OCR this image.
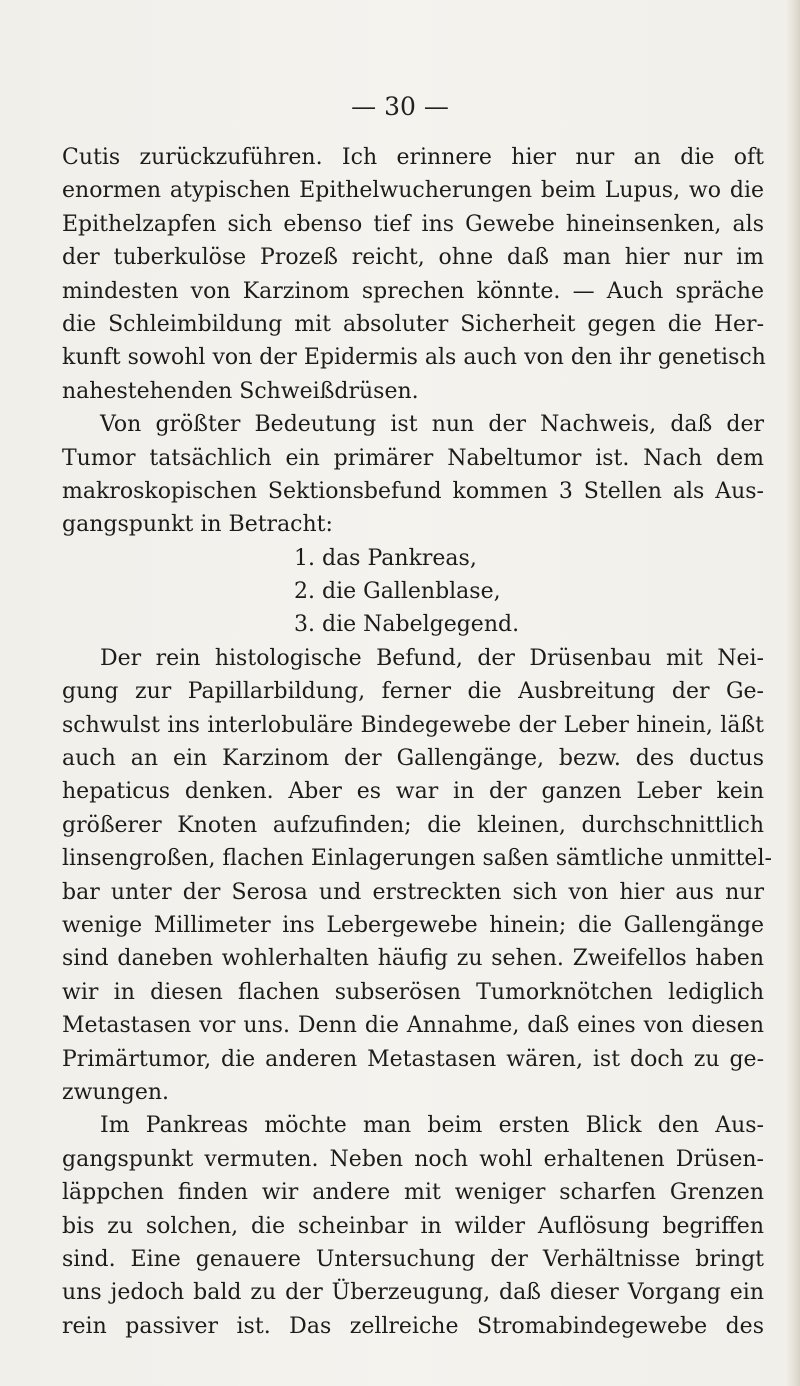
— 30 —
Cutis zurückzuführen. Ich erinnere hier nur an die oft
enormen atypischen Epithelwucherungen beim Lupus, wo die
Epithelzapfen sich ebenso tief ins Gewebe hineinsenken, als
der tuberkulöse Prozeß reicht, ohne daß man hier nur im
mindesten von Karzinom sprechen könnte. — Auch spräche
die Schleimbildung mit absoluter Sicherheit gegen die Her-
kunft sowohl von der Epidermis als auch von den ihr genetisch
nahestehenden Schweißdrüsen.
Von größter Bedeutung ist nun der Nachweis, daß der
Tumor tatsächlich ein primärer Nabeltumor ist. Nach dem
makroskopischen Sektionsbefund kommen 3 Stellen als Aus-
gangspunkt in Betracht:
1. das Pankreas,
2. die Gallenblase,
3. die Nabelgegend.
Der rein histologische Befund, der Drüsenbau mit Nei-
gung zur Papillarbildung, ferner die Ausbreitung der Ge-
schwulst ins interlobuläre Bindegewebe der Leber hinein, läßt
auch an ein Karzinom der Gallengänge, bezw. des ductus
hepaticus denken. Aber es war in der ganzen Leber kein
größerer Knoten aufzufinden; die kleinen, durchschnittlich
linsengroßen, flachen Einlagerungen saßen sämtliche unmittel-
bar unter der Serosa und erstreckten sich von hier aus nur
wenige Millimeter ins Lebergewebe hinein; die Gallengänge
sind daneben wohlerhalten häufig zu sehen. Zweifellos haben
wir in diesen flachen subserösen Tumorknötchen lediglich
Metastasen vor uns. Denn die Annahme, daß eines von diesen
Primärtumor, die anderen Metastasen wären, ist doch zu ge-
zwungen.
Im Pankreas möchte man beim ersten Blick den Aus-
gangspunkt vermuten. Neben noch wohl erhaltenen Drüsen-
läppchen finden wir andere mit weniger scharfen Grenzen
bis zu solchen, die scheinbar in wilder Auflösung begriffen
sind. Eine genauere Untersuchung der Verhältnisse bringt
uns jedoch bald zu der Überzeugung, daß dieser Vorgang ein
rein passiver ist. Das zellreiche Stromabindegewebe des
